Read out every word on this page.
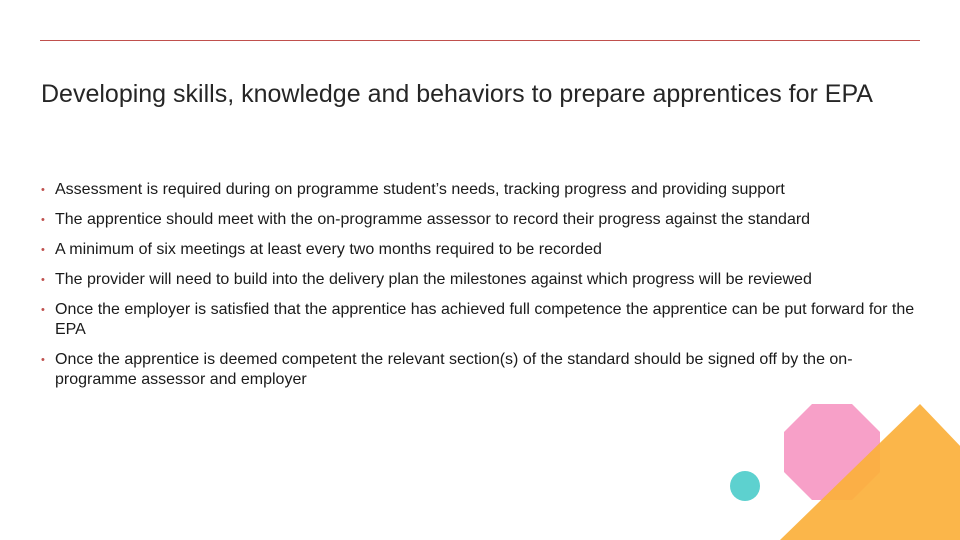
Developing skills, knowledge and behaviors to prepare apprentices for EPA
• Assessment is required during on programme student’s needs, tracking progress and providing support
• The apprentice should meet with the on-programme assessor to record their progress against the standard
• A minimum of six meetings at least every two months required to be recorded
• The provider will need to build into the delivery plan the milestones against which progress will be reviewed
• Once the employer is satisfied that the apprentice has achieved full competence the apprentice can be put forward for the EPA
• Once the apprentice is deemed competent the relevant section(s) of the standard should be signed off by the on-programme assessor and employer
